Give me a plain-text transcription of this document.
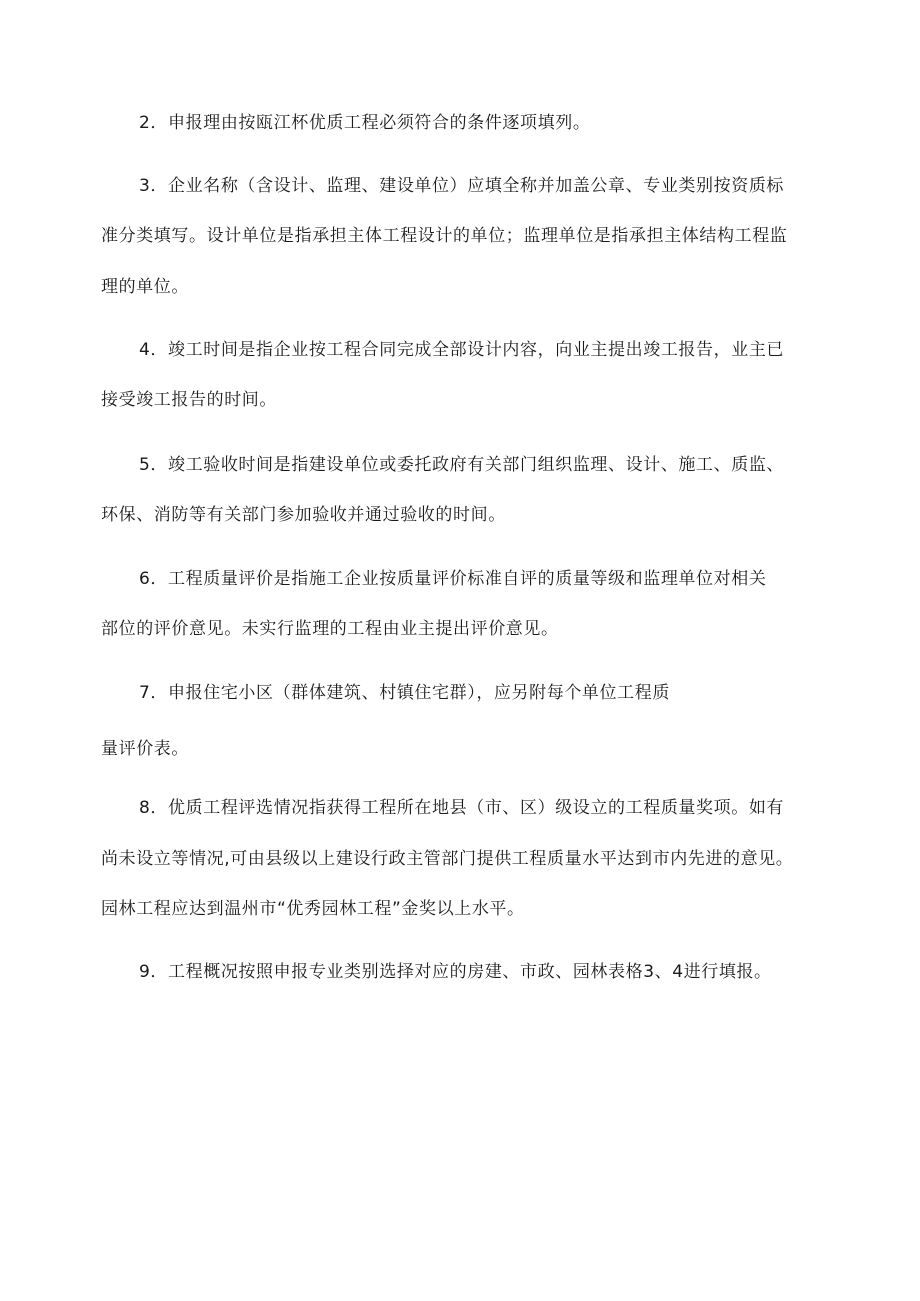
2．申报理由按瓯江杯优质工程必须符合的条件逐项填列。
3．企业名称（含设计、监理、建设单位）应填全称并加盖公章、专业类别按资质标
准分类填写。设计单位是指承担主体工程设计的单位；监理单位是指承担主体结构工程监
理的单位。
4．竣工时间是指企业按工程合同完成全部设计内容，向业主提出竣工报告，业主已
接受竣工报告的时间。
5．竣工验收时间是指建设单位或委托政府有关部门组织监理、设计、施工、质监、
环保、消防等有关部门参加验收并通过验收的时间。
6．工程质量评价是指施工企业按质量评价标准自评的质量等级和监理单位对相关
部位的评价意见。未实行监理的工程由业主提出评价意见。
7．申报住宅小区（群体建筑、村镇住宅群），应另附每个单位工程质
量评价表。
8．优质工程评选情况指获得工程所在地县（市、区）级设立的工程质量奖项。如有
尚未设立等情况,可由县级以上建设行政主管部门提供工程质量水平达到市内先进的意见。
园林工程应达到温州市“优秀园林工程”金奖以上水平。
9．工程概况按照申报专业类别选择对应的房建、市政、园林表格3、4进行填报。
